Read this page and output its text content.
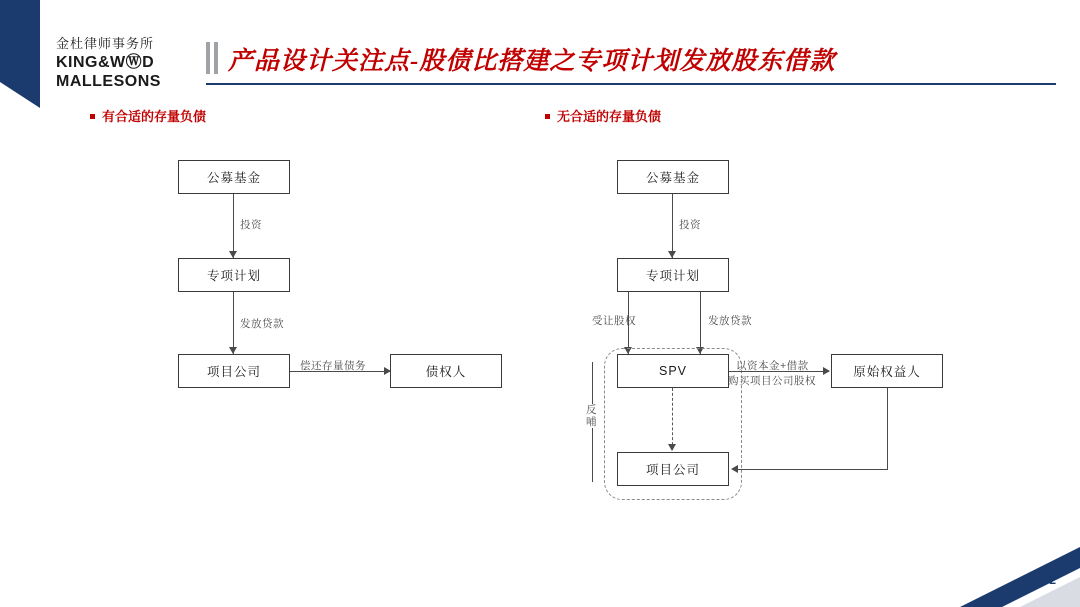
金杜律师事务所
KING&WⓌD
MALLESONS
产品设计关注点-股债比搭建之专项计划发放股东借款
有合适的存量负债	无合适的存量负债
公募基金
投资
专项计划
发放贷款
项目公司	偿还存量债务	债权人
公募基金
投资
专项计划
受让股权	发放贷款
SPV
项目公司
以资本金+借款
购买项目公司股权
原始权益人
反哺
32
